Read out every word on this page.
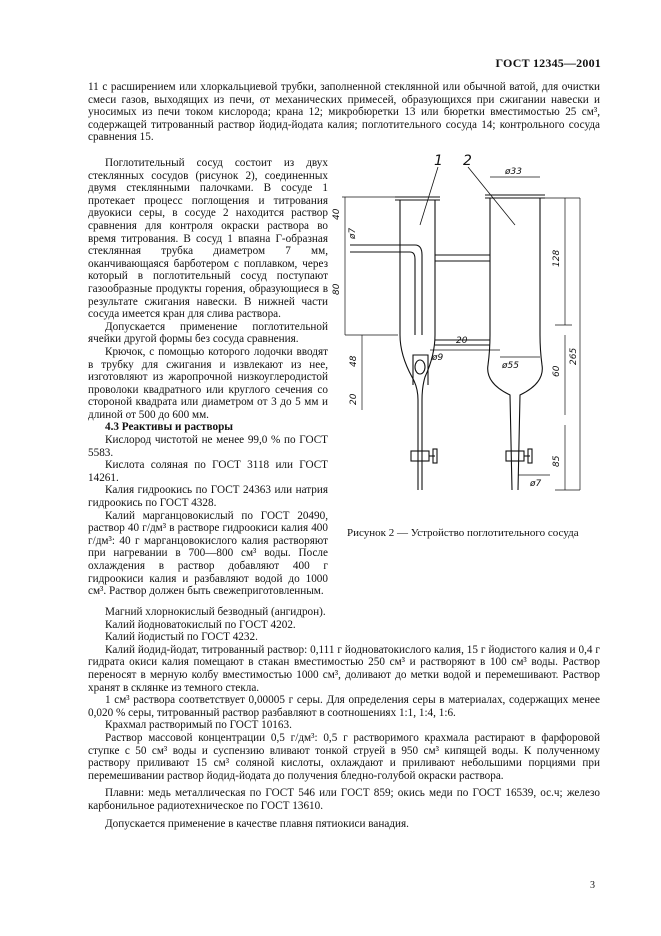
ГОСТ 12345—2001

11 с расширением или хлоркальциевой трубки, заполненной стеклянной или обычной ватой, для очистки смеси газов, выходящих из печи, от механических примесей, образующихся при сжигании навески и уносимых из печи током кислорода; крана 12; микробюретки 13 или бюретки вместимостью 25 см³, содержащей титрованный раствор йодид-йодата калия; поглотительного сосуда 14; контрольного сосуда сравнения 15.

Поглотительный сосуд состоит из двух стеклянных сосудов (рисунок 2), соединенных двумя стеклянными палочками. В сосуде 1 протекает процесс поглощения и титрования двуокиси серы, в сосуде 2 находится раствор сравнения для контроля окраски раствора во время титрования. В сосуд 1 впаяна Г-образная стеклянная трубка диаметром 7 мм, оканчивающаяся барботером с поплавком, через который в поглотительный сосуд поступают газообразные продукты горения, образующиеся в результате сжигания навески. В нижней части сосуда имеется кран для слива раствора.

Допускается применение поглотительной ячейки другой формы без сосуда сравнения.

Крючок, с помощью которого лодочки вводят в трубку для сжигания и извлекают из нее, изготовляют из жаропрочной низкоуглеродистой проволоки квадратного или круглого сечения со стороной квадрата или диаметром от 3 до 5 мм и длиной от 500 до 600 мм.

4.3 Реактивы и растворы

Кислород чистотой не менее 99,0 % по ГОСТ 5583.

Кислота соляная по ГОСТ 3118 или ГОСТ 14261.

Калия гидроокись по ГОСТ 24363 или натрия гидроокись по ГОСТ 4328.

Калий марганцовокислый по ГОСТ 20490, раствор 40 г/дм³ в растворе гидроокиси калия 400 г/дм³: 40 г марганцовокислого калия растворяют при нагревании в 700—800 см³ воды. После охлаждения в раствор добавляют 400 г гидроокиси калия и разбавляют водой до 1000 см³. Раствор должен быть свежеприготовленным.

1 2
ø33
ø7
40
80
48
20
20
ø9
ø55
128
265
60
85
ø7
Рисунок 2 — Устройство поглотительного сосуда

Магний хлорнокислый безводный (ангидрон).

Калий йодноватокислый по ГОСТ 4202.

Калий йодистый по ГОСТ 4232.

Калий йодид-йодат, титрованный раствор: 0,111 г йодноватокислого калия, 15 г йодистого калия и 0,4 г гидрата окиси калия помещают в стакан вместимостью 250 см³ и растворяют в 100 см³ воды. Раствор переносят в мерную колбу вместимостью 1000 см³, доливают до метки водой и перемешивают. Раствор хранят в склянке из темного стекла.

1 см³ раствора соответствует 0,00005 г серы. Для определения серы в материалах, содержащих менее 0,020 % серы, титрованный раствор разбавляют в соотношениях 1:1, 1:4, 1:6.

Крахмал растворимый по ГОСТ 10163.

Раствор массовой концентрации 0,5 г/дм³: 0,5 г растворимого крахмала растирают в фарфоровой ступке с 50 см³ воды и суспензию вливают тонкой струей в 950 см³ кипящей воды. К полученному раствору приливают 15 см³ соляной кислоты, охлаждают и приливают небольшими порциями при перемешивании раствор йодид-йодата до получения бледно-голубой окраски раствора.

Плавни: медь металлическая по ГОСТ 546 или ГОСТ 859; окись меди по ГОСТ 16539, ос.ч; железо карбонильное радиотехническое по ГОСТ 13610.

Допускается применение в качестве плавня пятиокиси ванадия.

3
